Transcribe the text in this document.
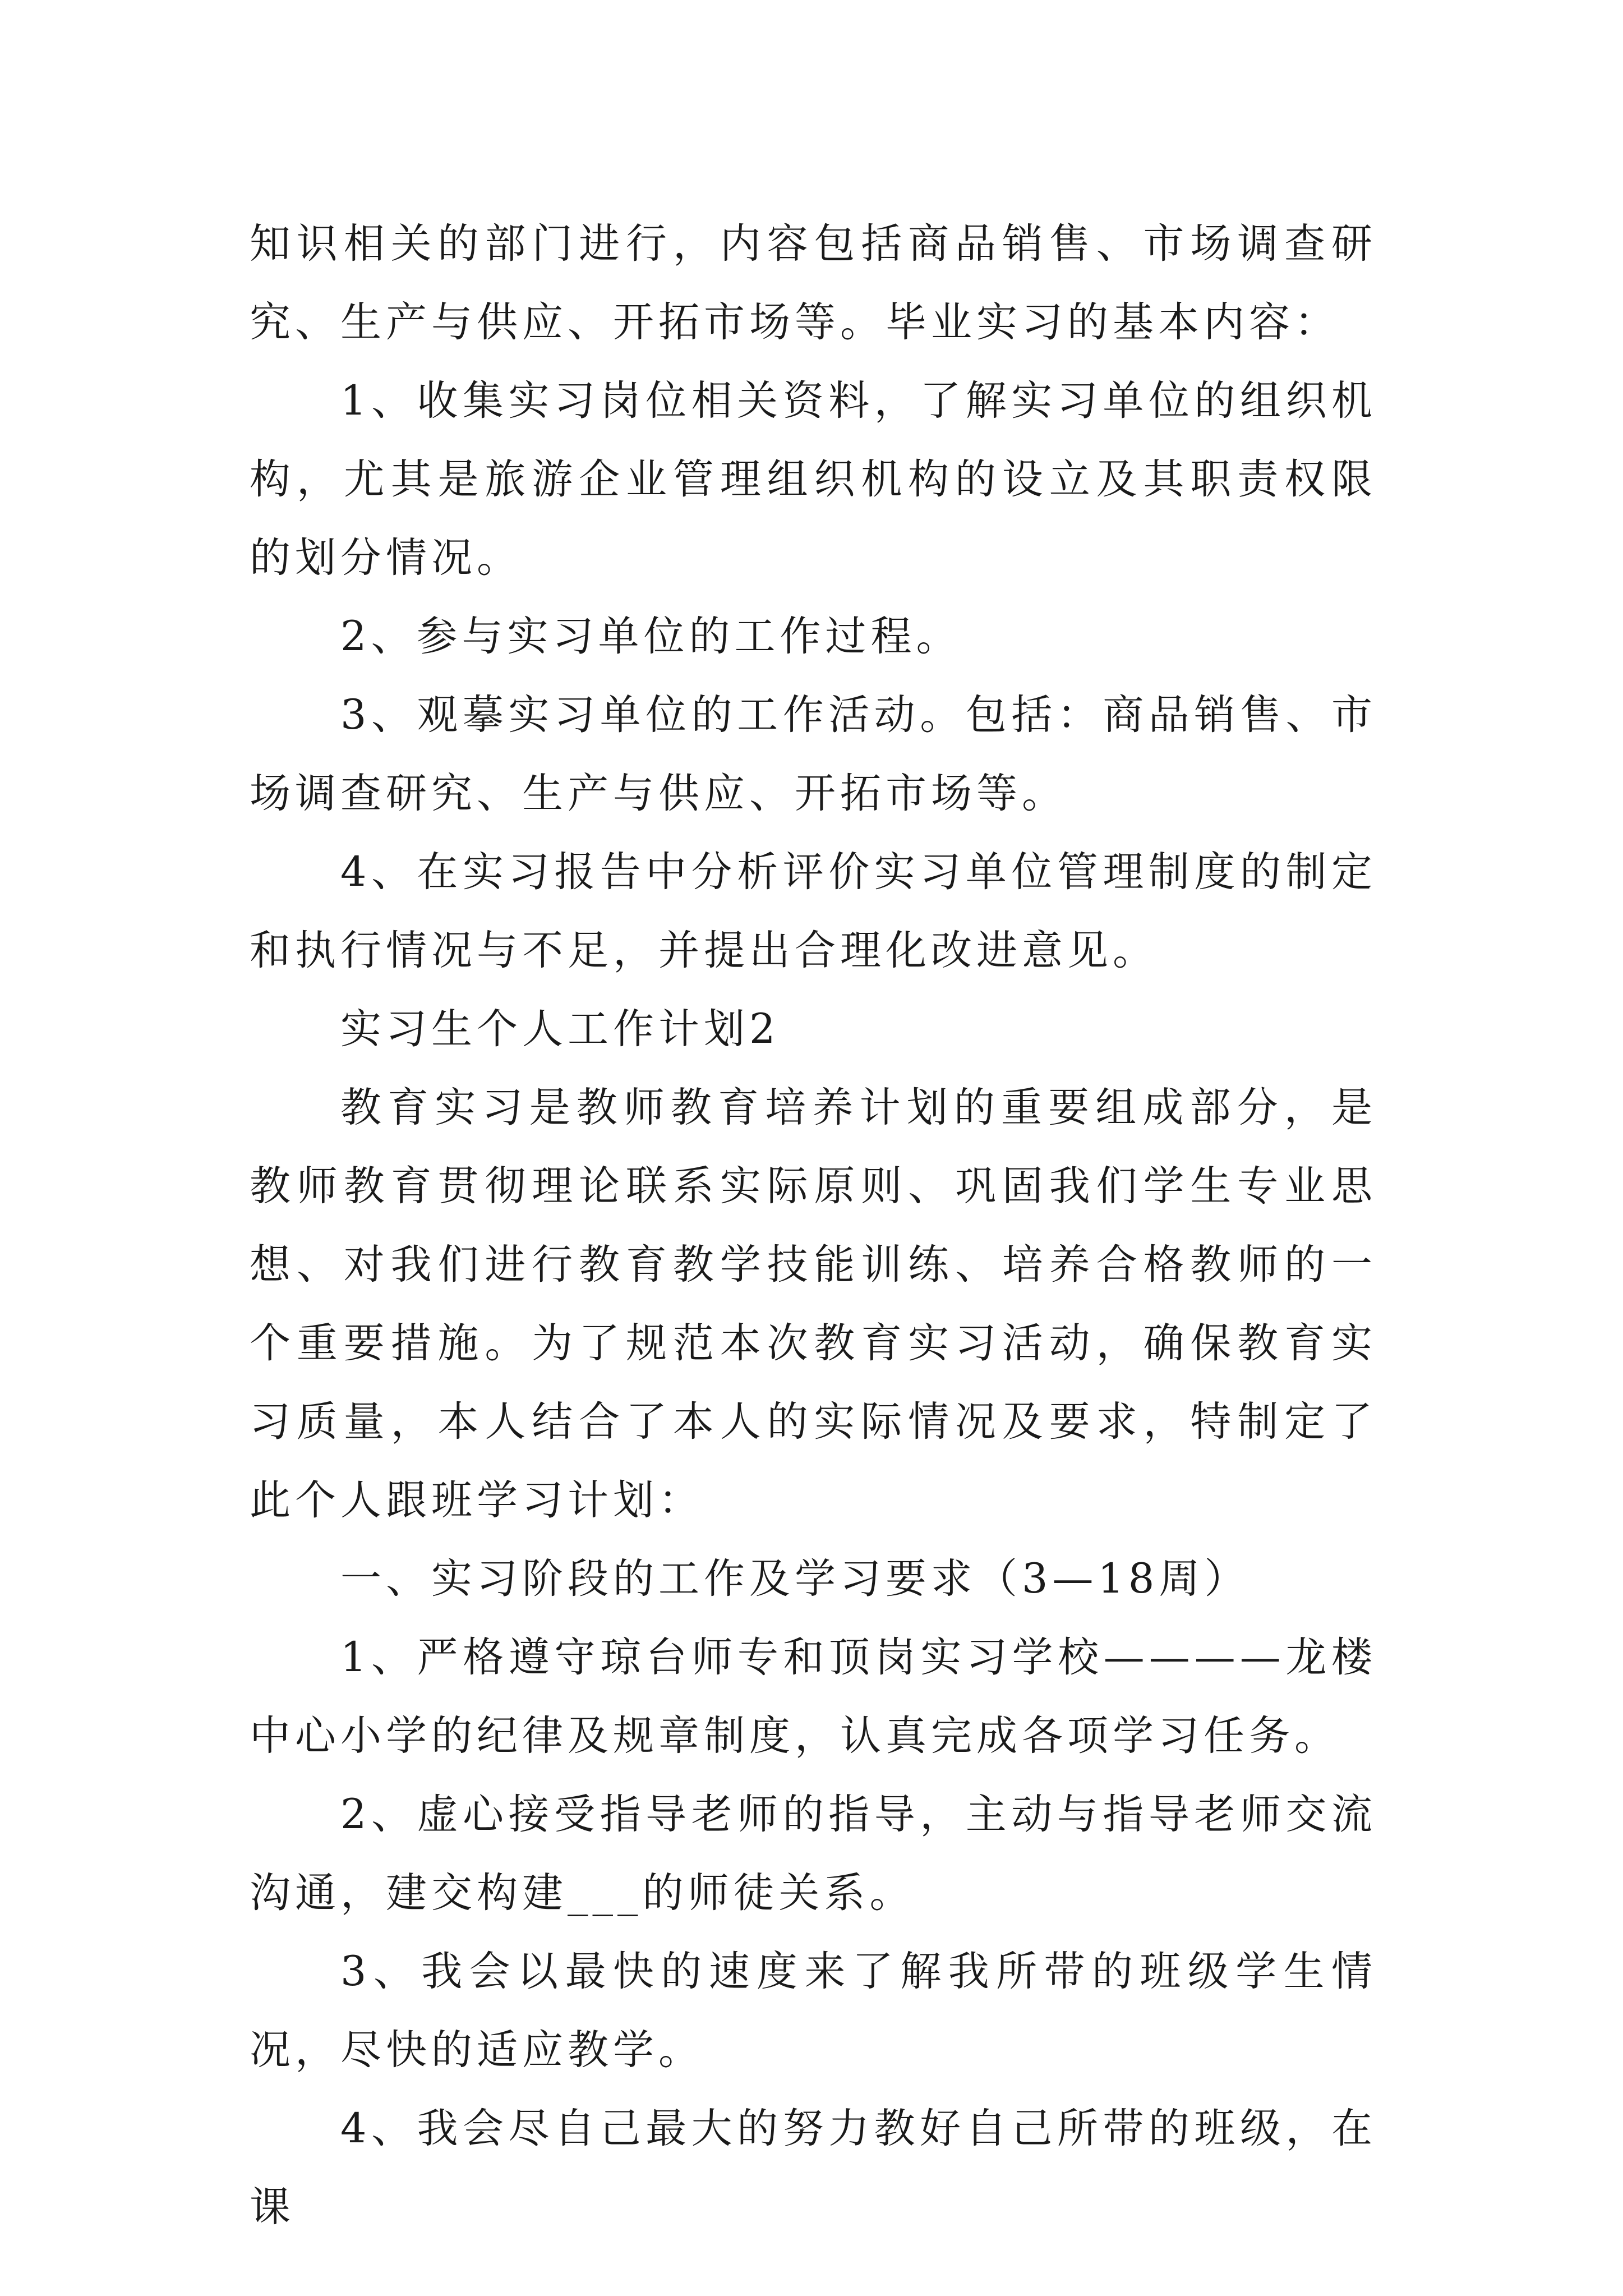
知识相关的部门进行，内容包括商品销售、市场调查研究、生产与供应、开拓市场等。毕业实习的基本内容：

1、收集实习岗位相关资料，了解实习单位的组织机构，尤其是旅游企业管理组织机构的设立及其职责权限的划分情况。

2、参与实习单位的工作过程。

3、观摹实习单位的工作活动。包括：商品销售、市场调查研究、生产与供应、开拓市场等。

4、在实习报告中分析评价实习单位管理制度的制定和执行情况与不足，并提出合理化改进意见。

实习生个人工作计划2

教育实习是教师教育培养计划的重要组成部分，是教师教育贯彻理论联系实际原则、巩固我们学生专业思想、对我们进行教育教学技能训练、培养合格教师的一个重要措施。为了规范本次教育实习活动，确保教育实习质量，本人结合了本人的实际情况及要求，特制定了此个人跟班学习计划：

一、实习阶段的工作及学习要求（3—18周）

1、严格遵守琼台师专和顶岗实习学校————龙楼中心小学的纪律及规章制度，认真完成各项学习任务。

2、虚心接受指导老师的指导，主动与指导老师交流沟通，建交构建___的师徒关系。

3、我会以最快的速度来了解我所带的班级学生情况，尽快的适应教学。

4、我会尽自己最大的努力教好自己所带的班级，在课
